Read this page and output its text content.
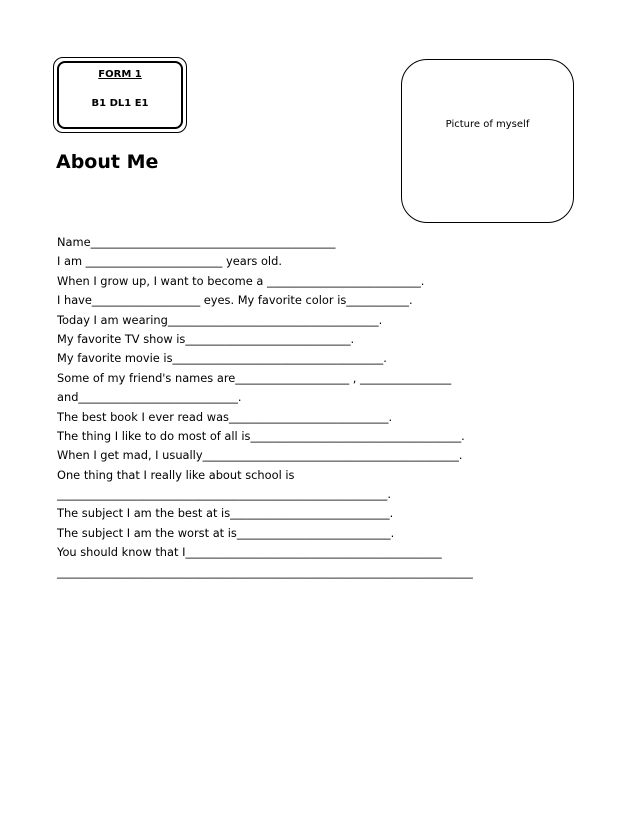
FORM 1
B1 DL1 E1
Picture of myself
About Me
Name___________________________________________
I am ________________________ years old.
When I grow up, I want to become a ___________________________.
I have___________________ eyes. My favorite color is___________.
Today I am wearing_____________________________________.
My favorite TV show is_____________________________.
My favorite movie is_____________________________________.
Some of my friend's names are____________________ , ________________
and____________________________.
The best book I ever read was____________________________.
The thing I like to do most of all is_____________________________________.
When I get mad, I usually_____________________________________________.
One thing that I really like about school is
__________________________________________________________.
The subject I am the best at is____________________________.
The subject I am the worst at is___________________________.
You should know that I_____________________________________________
_________________________________________________________________________
